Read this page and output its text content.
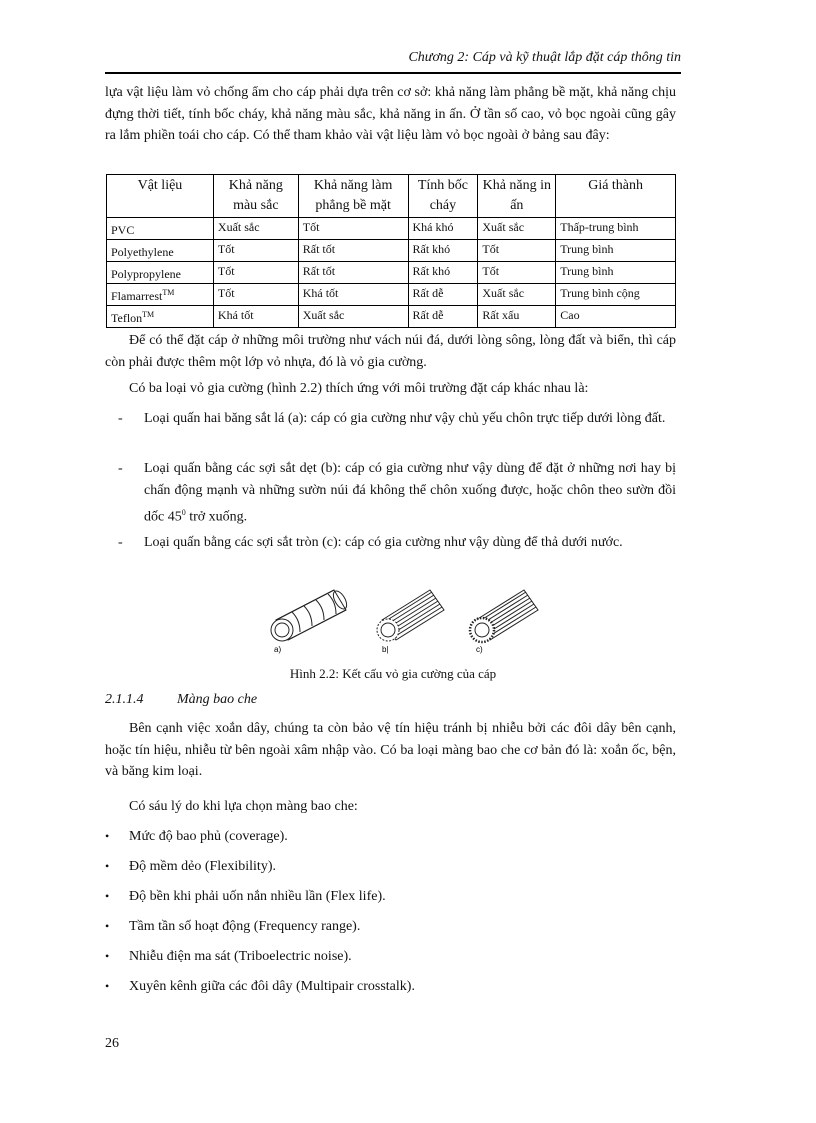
Chương 2: Cáp và kỹ thuật lắp đặt cáp thông tin

lựa vật liệu làm vỏ chống ẩm cho cáp phải dựa trên cơ sở: khả năng làm phẳng bề mặt, khả năng chịu đựng thời tiết, tính bốc cháy, khả năng màu sắc, khả năng in ấn. Ở tần số cao, vỏ bọc ngoài cũng gây ra lắm phiền toái cho cáp. Có thể tham khảo vài vật liệu làm vỏ bọc ngoài ở bảng sau đây:

Vật liệu	Khả năng màu sắc	Khả năng làm phẳng bề mặt	Tính bốc cháy	Khả năng in ấn	Giá thành
PVC	Xuất sắc	Tốt	Khá khó	Xuất sắc	Thấp-trung bình
Polyethylene	Tốt	Rất tốt	Rất khó	Tốt	Trung bình
Polypropylene	Tốt	Rất tốt	Rất khó	Tốt	Trung bình
Flamarrest™	Tốt	Khá tốt	Rất dễ	Xuất sắc	Trung bình cộng
Teflon™	Khá tốt	Xuất sắc	Rất dễ	Rất xấu	Cao

Để có thể đặt cáp ở những môi trường như vách núi đá, dưới lòng sông, lòng đất và biển, thì cáp còn phải được thêm một lớp vỏ nhựa, đó là vỏ gia cường.

Có ba loại vỏ gia cường (hình 2.2) thích ứng với môi trường đặt cáp khác nhau là:

- Loại quấn hai băng sắt lá (a): cáp có gia cường như vậy chủ yếu chôn trực tiếp dưới lòng đất.
- Loại quấn bằng các sợi sắt dẹt (b): cáp có gia cường như vậy dùng để đặt ở những nơi hay bị chấn động mạnh và những sườn núi đá không thể chôn xuống được, hoặc chôn theo sườn đồi dốc $45^0$ trở xuống.
- Loại quấn bằng các sợi sắt tròn (c): cáp có gia cường như vậy dùng để thả dưới nước.
a)	b|	c)
Hình 2.2: Kết cấu vỏ gia cường của cáp
2.1.1.4 Màng bao che

Bên cạnh việc xoắn dây, chúng ta còn bảo vệ tín hiệu tránh bị nhiễu bởi các đôi dây bên cạnh, hoặc tín hiệu, nhiễu từ bên ngoài xâm nhập vào. Có ba loại màng bao che cơ bản đó là: xoắn ốc, bện, và băng kim loại.

Có sáu lý do khi lựa chọn màng bao che:

• Mức độ bao phủ (coverage).
• Độ mềm dẻo (Flexibility).
• Độ bền khi phải uốn nắn nhiều lần (Flex life).
• Tầm tần số hoạt động (Frequency range).
• Nhiễu điện ma sát (Triboelectric noise).
• Xuyên kênh giữa các đôi dây (Multipair crosstalk).
26
